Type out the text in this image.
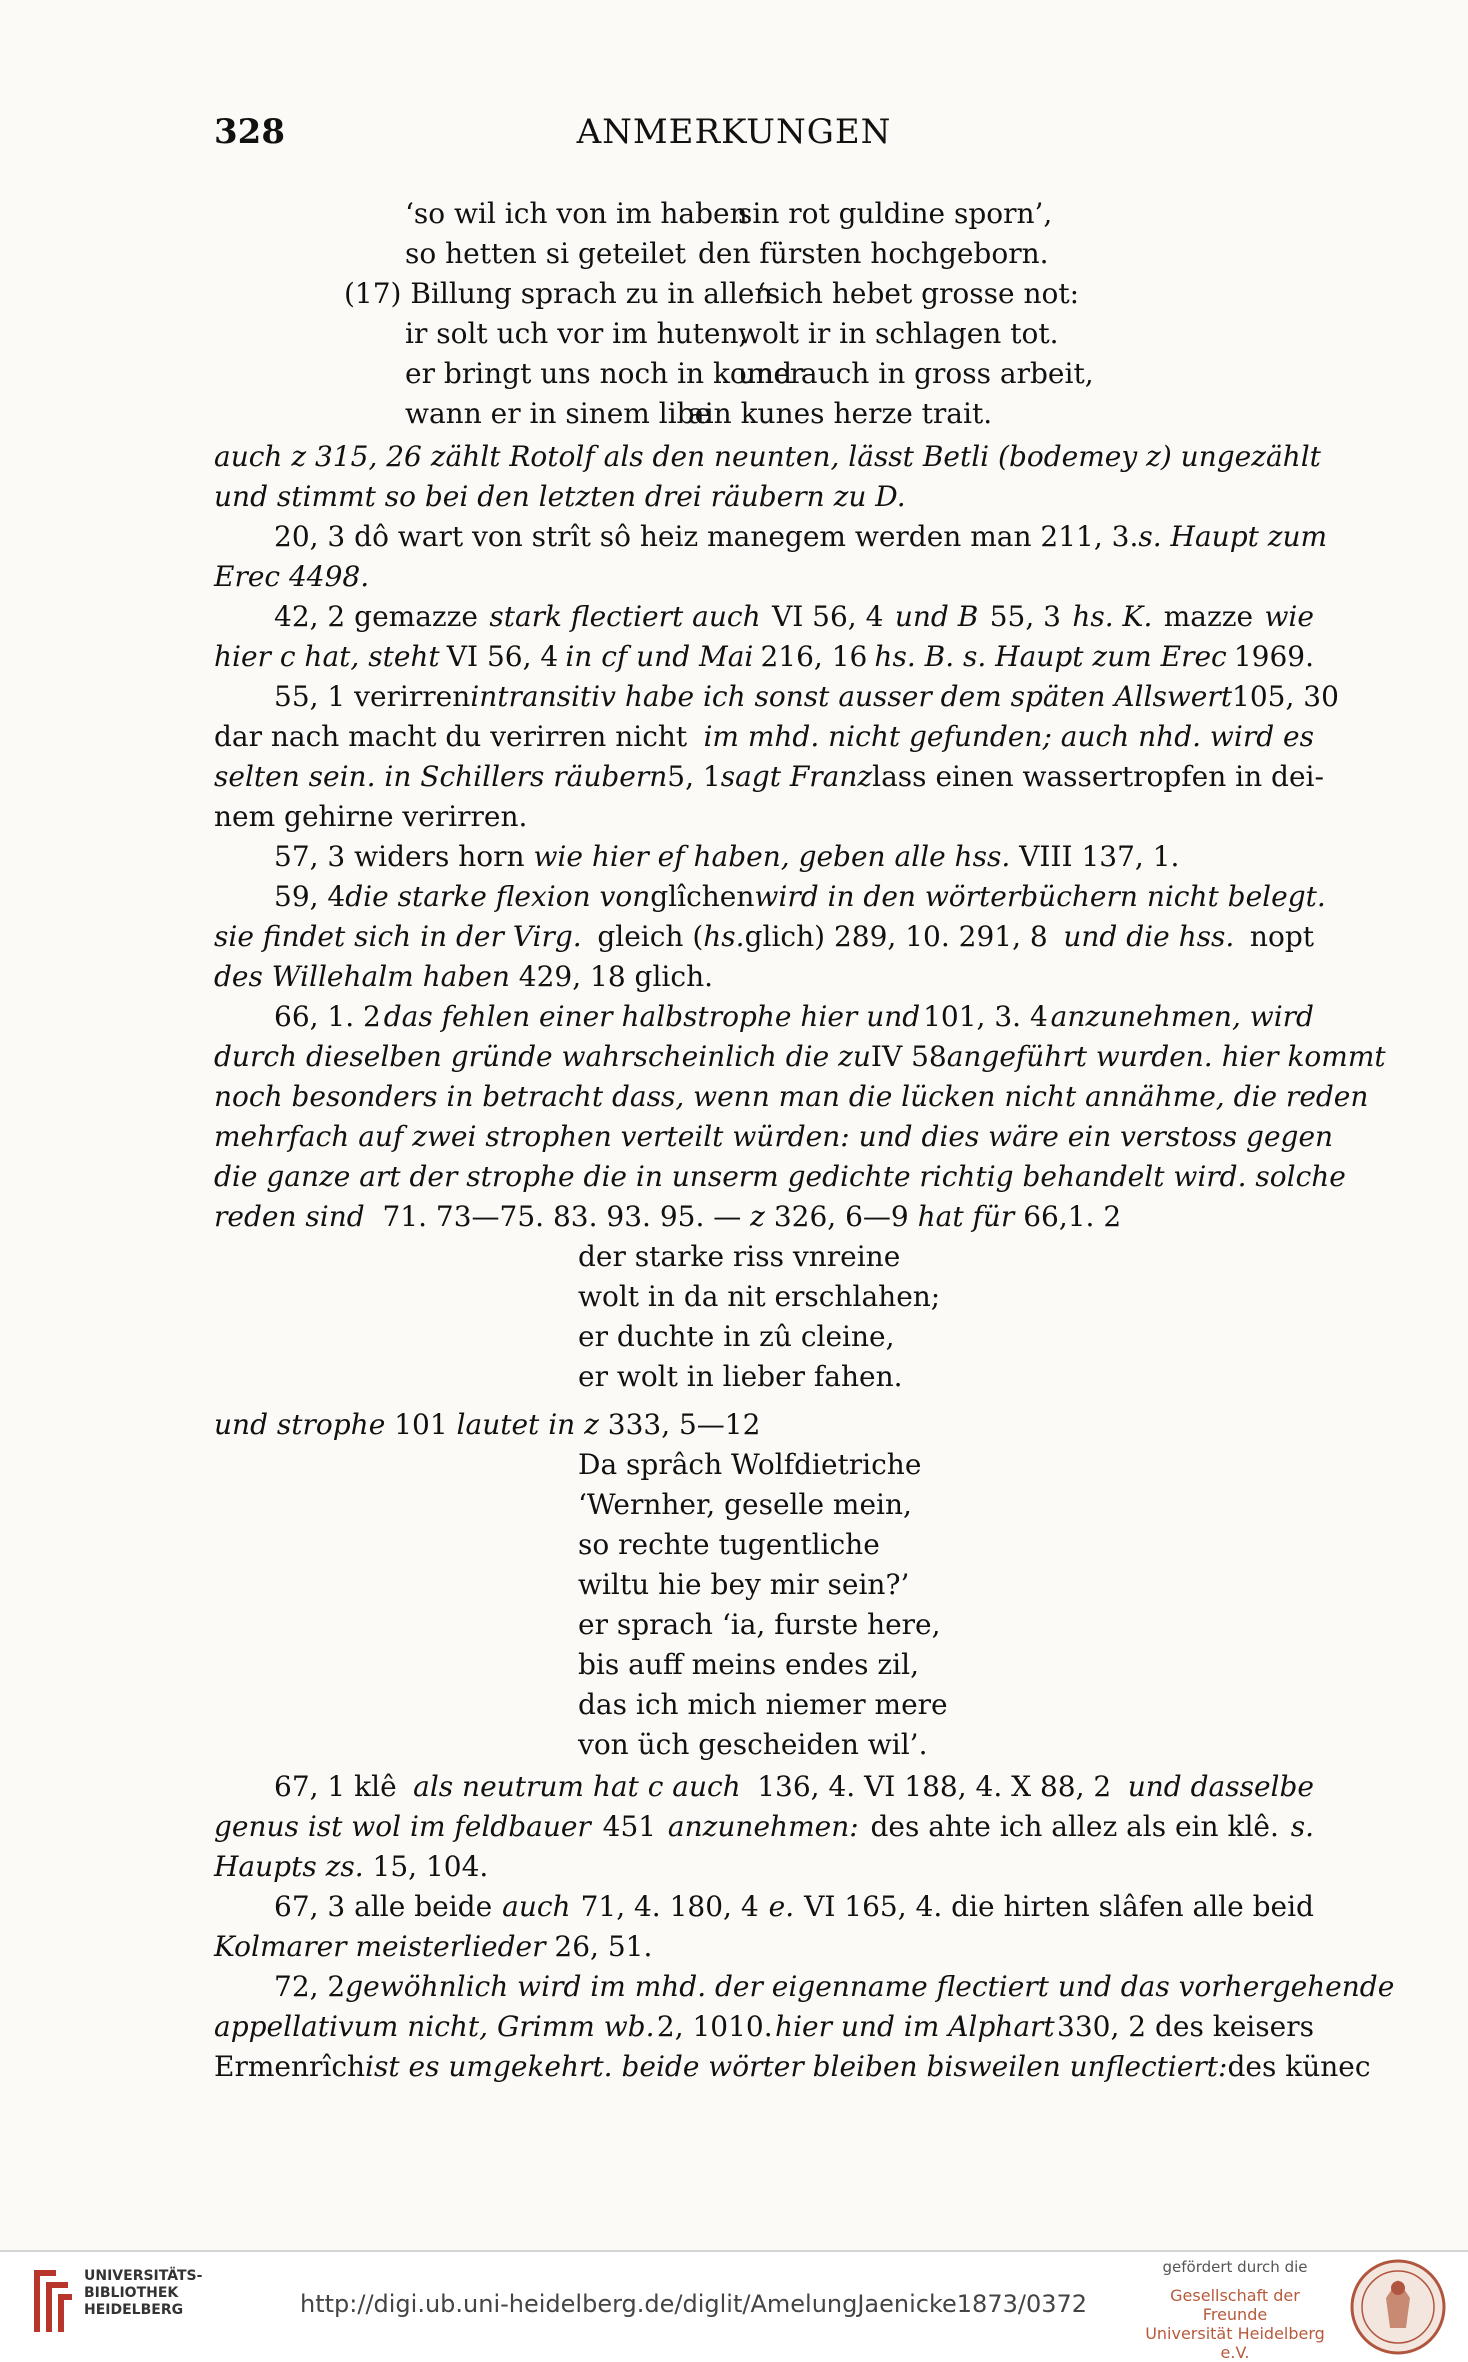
328	ANMERKUNGEN
‘so wil ich von im haben
sin rot guldine sporn’,
so hetten si geteilet den fürsten hochgeborn.
(17) Billung sprach zu in allen
‘sich hebet grosse not:
ir solt uch vor im huten,
wolt ir in schlagen tot.
er bringt uns noch in komer
und auch in gross arbeit,
wann er in sinem libe
ain kunes herze trait.
auch z 315, 26 zählt Rotolf als den neunten, lässt Betli (bodemey z) ungezählt
und stimmt so bei den letzten drei räubern zu D.
20, 3 dô wart von strît sô heiz manegem werden man 211, 3. s. Haupt zum
Erec 4498.
42, 2 gemazze stark flectiert auch VI 56, 4 und B 55, 3 hs. K. mazze wie
hier c hat, steht VI 56, 4 in cf und Mai 216, 16 hs. B. s. Haupt zum Erec 1969.
55, 1 verirren intransitiv habe ich sonst ausser dem späten Allswert 105, 30
dar nach macht du verirren nicht im mhd. nicht gefunden; auch nhd. wird es
selten sein. in Schillers räubern 5, 1 sagt Franz lass einen wassertropfen in dei-
nem gehirne verirren.
57, 3 widers horn wie hier ef haben, geben alle hss. VIII 137, 1.
59, 4 die starke flexion von glîchen wird in den wörterbüchern nicht belegt.
sie findet sich in der Virg. gleich (hs.glich) 289, 10. 291, 8 und die hss. nopt
des Willehalm haben 429, 18 glich.
66, 1. 2 das fehlen einer halbstrophe hier und 101, 3. 4 anzunehmen, wird
durch dieselben gründe wahrscheinlich die zu IV 58 angeführt wurden. hier kommt
noch besonders in betracht dass, wenn man die lücken nicht annähme, die reden
mehrfach auf zwei strophen verteilt würden: und dies wäre ein verstoss gegen
die ganze art der strophe die in unserm gedichte richtig behandelt wird. solche
reden sind 71. 73—75. 83. 93. 95. — z 326, 6—9 hat für 66,1. 2
der starke riss vnreine
wolt in da nit erschlahen;
er duchte in zû cleine,
er wolt in lieber fahen.
und strophe 101 lautet in z 333, 5—12
Da sprâch Wolfdietriche
‘Wernher, geselle mein,
so rechte tugentliche
wiltu hie bey mir sein?’
er sprach ‘ia, furste here,
bis auff meins endes zil,
das ich mich niemer mere
von üch gescheiden wil’.
67, 1 klê als neutrum hat c auch 136, 4. VI 188, 4. X 88, 2 und dasselbe
genus ist wol im feldbauer 451 anzunehmen: des ahte ich allez als ein klê. s.
Haupts zs. 15, 104.
67, 3 alle beide auch 71, 4. 180, 4 e. VI 165, 4. die hirten slâfen alle beid
Kolmarer meisterlieder 26, 51.
72, 2 gewöhnlich wird im mhd. der eigenname flectiert und das vorhergehende
appellativum nicht, Grimm wb. 2, 1010. hier und im Alphart 330, 2 des keisers
Ermenrîch ist es umgekehrt. beide wörter bleiben bisweilen unflectiert: des künec
UNIVERSITÄTS-
BIBLIOTHEK
HEIDELBERG	http://digi.ub.uni-heidelberg.de/diglit/AmelungJaenicke1873/0372
gefördert durch die
Gesellschaft der Freunde
Universität Heidelberg e.V.
